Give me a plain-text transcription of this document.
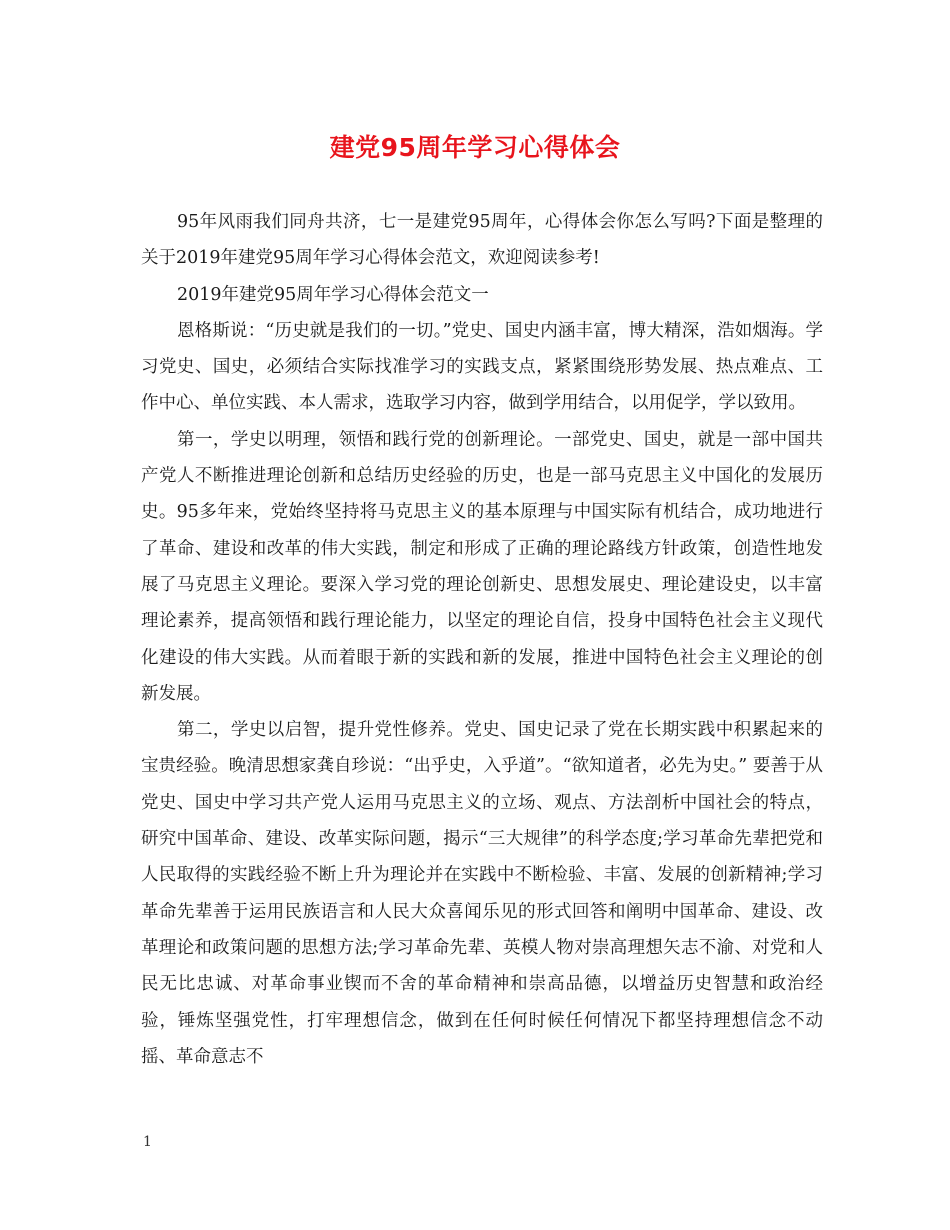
建党95周年学习心得体会

95年风雨我们同舟共济，七一是建党95周年，心得体会你怎么写吗?下面是整理的关于2019年建党95周年学习心得体会范文，欢迎阅读参考!

2019年建党95周年学习心得体会范文一

恩格斯说：“历史就是我们的一切。”党史、国史内涵丰富，博大精深，浩如烟海。学习党史、国史，必须结合实际找准学习的实践支点，紧紧围绕形势发展、热点难点、工作中心、单位实践、本人需求，选取学习内容，做到学用结合，以用促学，学以致用。

第一，学史以明理，领悟和践行党的创新理论。一部党史、国史，就是一部中国共产党人不断推进理论创新和总结历史经验的历史，也是一部马克思主义中国化的发展历史。95多年来，党始终坚持将马克思主义的基本原理与中国实际有机结合，成功地进行了革命、建设和改革的伟大实践，制定和形成了正确的理论路线方针政策，创造性地发展了马克思主义理论。要深入学习党的理论创新史、思想发展史、理论建设史，以丰富理论素养，提高领悟和践行理论能力，以坚定的理论自信，投身中国特色社会主义现代化建设的伟大实践。从而着眼于新的实践和新的发展，推进中国特色社会主义理论的创新发展。

第二，学史以启智，提升党性修养。党史、国史记录了党在长期实践中积累起来的宝贵经验。晚清思想家龚自珍说：“出乎史，入乎道”。“欲知道者，必先为史。” 要善于从党史、国史中学习共产党人运用马克思主义的立场、观点、方法剖析中国社会的特点，研究中国革命、建设、改革实际问题，揭示“三大规律”的科学态度;学习革命先辈把党和人民取得的实践经验不断上升为理论并在实践中不断检验、丰富、发展的创新精神;学习革命先辈善于运用民族语言和人民大众喜闻乐见的形式回答和阐明中国革命、建设、改革理论和政策问题的思想方法;学习革命先辈、英模人物对崇高理想矢志不渝、对党和人民无比忠诚、对革命事业锲而不舍的革命精神和崇高品德，以增益历史智慧和政治经验，锤炼坚强党性，打牢理想信念，做到在任何时候任何情况下都坚持理想信念不动摇、革命意志不

1
